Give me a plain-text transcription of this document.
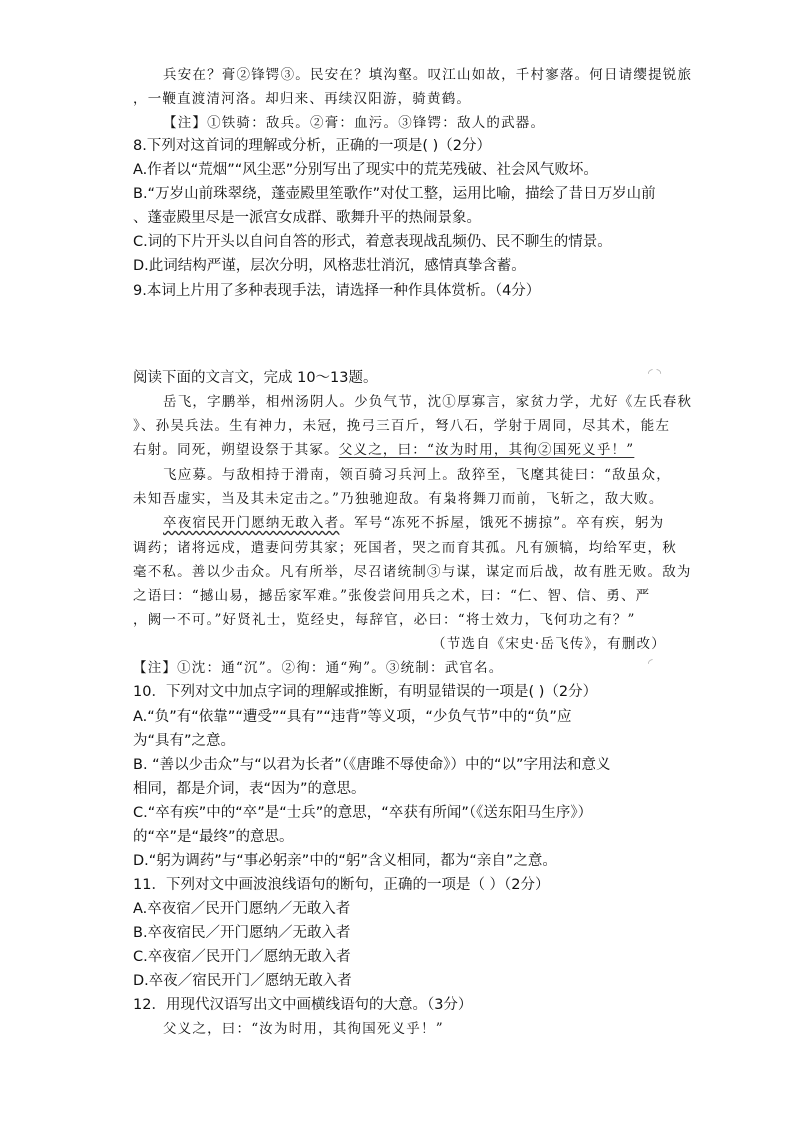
兵安在？膏②锋锷③。民安在？填沟壑。叹江山如故，千村寥落。何日请缨提锐旅
，一鞭直渡清河洛。却归来、再续汉阳游，骑黄鹤。
【注】①铁骑：敌兵。②膏：血污。③锋锷：敌人的武器。
8.下列对这首词的理解或分析，正确的一项是( )（2分）
A.作者以“荒烟”“风尘恶”分别写出了现实中的荒芜残破、社会风气败坏。
B.“万岁山前珠翠绕，蓬壶殿里笙歌作”对仗工整，运用比喻，描绘了昔日万岁山前
、蓬壶殿里尽是一派宫女成群、歌舞升平的热闹景象。
C.词的下片开头以自问自答的形式，着意表现战乱频仍、民不聊生的情景。
D.此词结构严谨，层次分明，风格悲壮消沉，感情真挚含蓄。
9.本词上片用了多种表现手法，请选择一种作具体赏析。（4分）
阅读下面的文言文，完成 10～13题。	◜ ◝
岳飞，字鹏举，相州汤阴人。少负气节，沈①厚寡言，家贫力学，尤好《左氏春秋
》、孙吴兵法。生有神力，未冠，挽弓三百斤，弩八石，学射于周同，尽其术，能左
右射。同死，朔望设祭于其冢。父义之，曰：“汝为时用，其徇②国死义乎！”
飞应募。与敌相持于滑南，领百骑习兵河上。敌猝至，飞麾其徒曰：“敌虽众，
未知吾虚实，当及其未定击之。”乃独驰迎敌。有枭将舞刀而前，飞斩之，敌大败。
卒夜宿民开门愿纳无敢入者。军号“冻死不拆屋，饿死不掳掠”。卒有疾，躬为
调药；诸将远戍，遣妻问劳其家；死国者，哭之而育其孤。凡有颁犒，均给军吏，秋
毫不私。善以少击众。凡有所举，尽召诸统制③与谋，谋定而后战，故有胜无败。敌为
之语曰：“撼山易，撼岳家军难。”张俊尝问用兵之术，曰：“仁、智、信、勇、严
，阙一不可。”好贤礼士，览经史，每辞官，必曰：“将士效力，飞何功之有？”
（节选自《宋史·岳飞传》，有删改）
【注】①沈：通“沉”。②徇：通“殉”。③统制：武官名。	◜
10．下列对文中加点字词的理解或推断，有明显错误的一项是( )（2分）
A.“负”有“依靠”“遭受”“具有”“违背”等义项，“少负气节”中的“负”应
为“具有”之意。
B. “善以少击众”与“以君为长者”（《唐雎不辱使命》）中的“以”字用法和意义
相同，都是介词，表“因为”的意思。
C.“卒有疾”中的“卒”是“士兵”的意思，“卒获有所闻”（《送东阳马生序》）
的“卒”是“最终”的意思。
D.“躬为调药”与“事必躬亲”中的“躬”含义相同，都为“亲自”之意。
11．下列对文中画波浪线语句的断句，正确的一项是（ ）（2分）
A.卒夜宿／民开门愿纳／无敢入者
B.卒夜宿民／开门愿纳／无敢入者
C.卒夜宿／民开门／愿纳无敢入者
D.卒夜／宿民开门／愿纳无敢入者
12．用现代汉语写出文中画横线语句的大意。（3分）
父义之，曰：“汝为时用，其徇国死义乎！”
